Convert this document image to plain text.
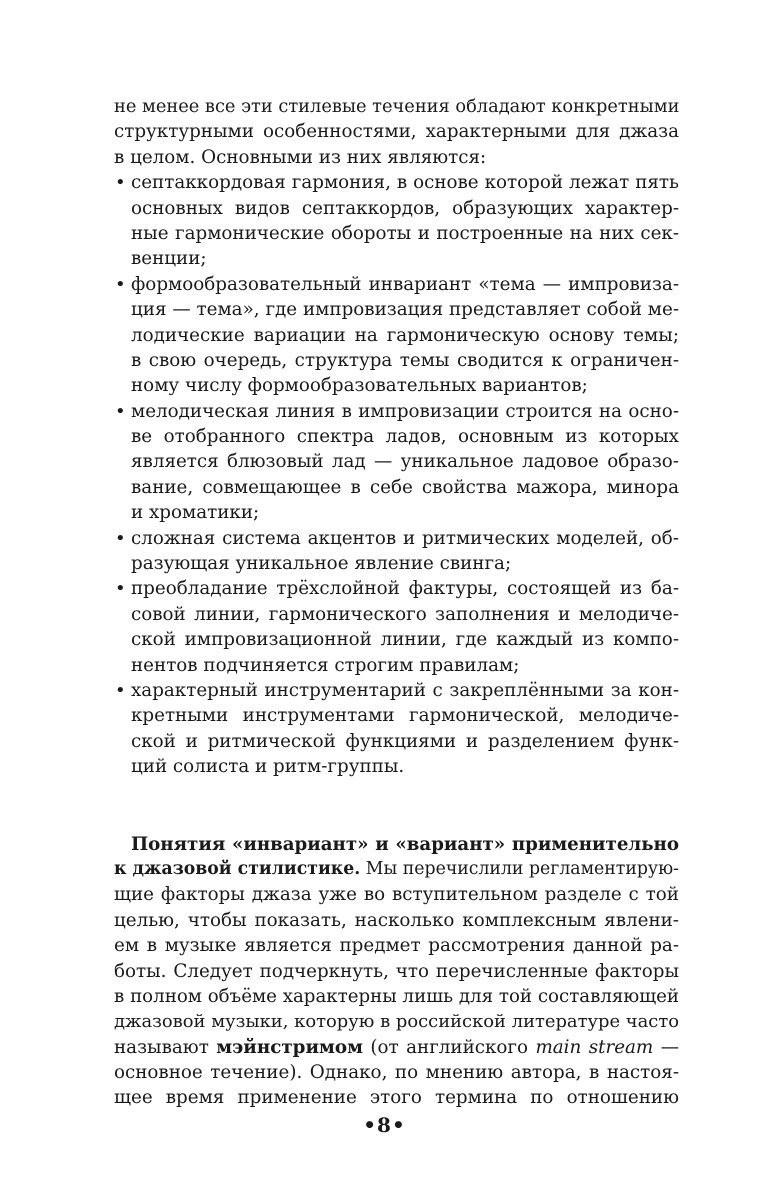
не менее все эти стилевые течения обладают конкретными
структурными особенностями, характерными для джаза
в целом. Основными из них являются:
• септаккордовая гармония, в основе которой лежат пять
основных видов септаккордов, образующих характер-
ные гармонические обороты и построенные на них сек-
венции;
• формообразовательный инвариант «тема — импровиза-
ция — тема», где импровизация представляет собой ме-
лодические вариации на гармоническую основу темы;
в свою очередь, структура темы сводится к ограничен-
ному числу формообразовательных вариантов;
• мелодическая линия в импровизации строится на осно-
ве отобранного спектра ладов, основным из которых
является блюзовый лад — уникальное ладовое образо-
вание, совмещающее в себе свойства мажора, минора
и хроматики;
• сложная система акцентов и ритмических моделей, об-
разующая уникальное явление свинга;
• преобладание трёхслойной фактуры, состоящей из ба-
совой линии, гармонического заполнения и мелодиче-
ской импровизационной линии, где каждый из компо-
нентов подчиняется строгим правилам;
• характерный инструментарий с закреплёнными за кон-
кретными инструментами гармонической, мелодиче-
ской и ритмической функциями и разделением функ-
ций солиста и ритм-группы.
Понятия «инвариант» и «вариант» применительно
к джазовой стилистике. Мы перечислили регламентирую-
щие факторы джаза уже во вступительном разделе с той
целью, чтобы показать, насколько комплексным явлени-
ем в музыке является предмет рассмотрения данной ра-
боты. Следует подчеркнуть, что перечисленные факторы
в полном объёме характерны лишь для той составляющей
джазовой музыки, которую в российской литературе часто
называют мэйнстримом (от английского main stream —
основное течение). Однако, по мнению автора, в настоя-
щее время применение этого термина по отношению
•8•
